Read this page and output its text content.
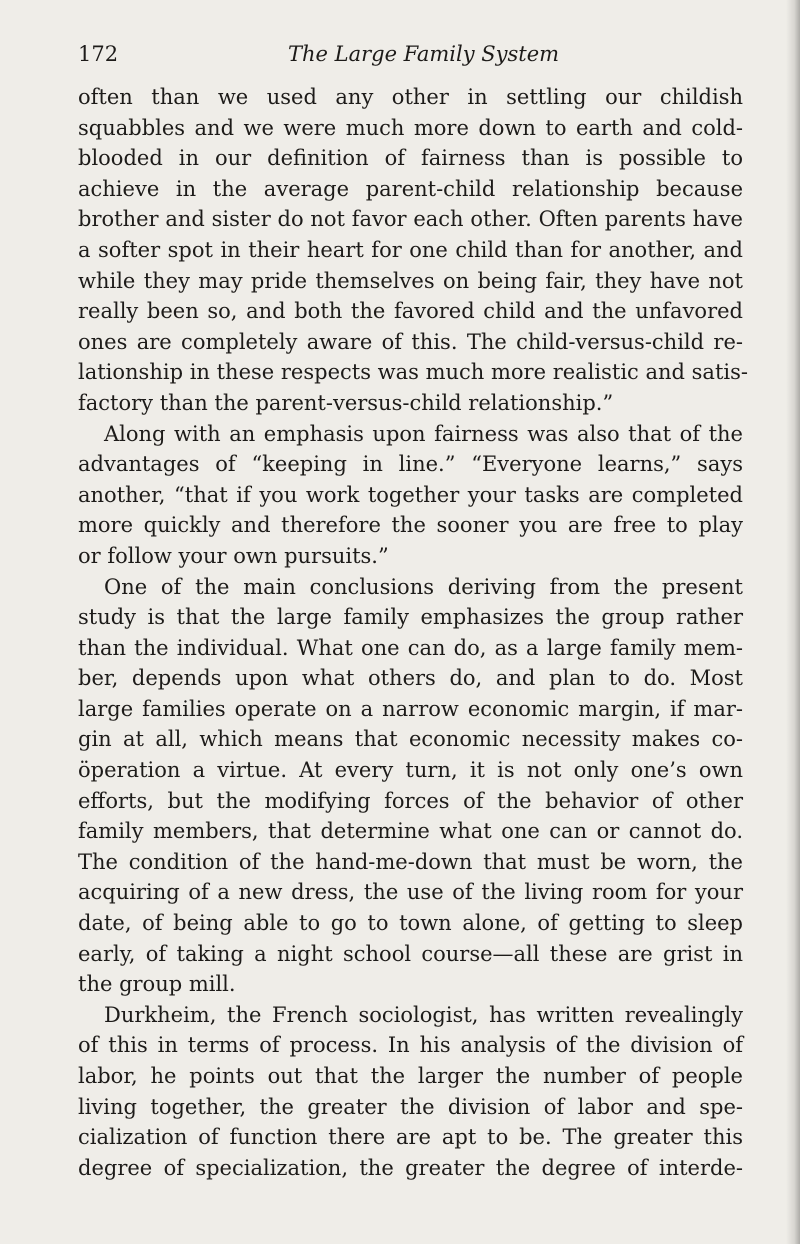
172	The Large Family System
often than we used any other in settling our childish
squabbles and we were much more down to earth and cold-
blooded in our definition of fairness than is possible to
achieve in the average parent-child relationship because
brother and sister do not favor each other. Often parents have
a softer spot in their heart for one child than for another, and
while they may pride themselves on being fair, they have not
really been so, and both the favored child and the unfavored
ones are completely aware of this. The child-versus-child re-
lationship in these respects was much more realistic and satis-
factory than the parent-versus-child relationship.”
Along with an emphasis upon fairness was also that of the
advantages of “keeping in line.” “Everyone learns,” says
another, “that if you work together your tasks are completed
more quickly and therefore the sooner you are free to play
or follow your own pursuits.”
One of the main conclusions deriving from the present
study is that the large family emphasizes the group rather
than the individual. What one can do, as a large family mem-
ber, depends upon what others do, and plan to do. Most
large families operate on a narrow economic margin, if mar-
gin at all, which means that economic necessity makes co-
öperation a virtue. At every turn, it is not only one’s own
efforts, but the modifying forces of the behavior of other
family members, that determine what one can or cannot do.
The condition of the hand-me-down that must be worn, the
acquiring of a new dress, the use of the living room for your
date, of being able to go to town alone, of getting to sleep
early, of taking a night school course—all these are grist in
the group mill.
Durkheim, the French sociologist, has written revealingly
of this in terms of process. In his analysis of the division of
labor, he points out that the larger the number of people
living together, the greater the division of labor and spe-
cialization of function there are apt to be. The greater this
degree of specialization, the greater the degree of interde-
